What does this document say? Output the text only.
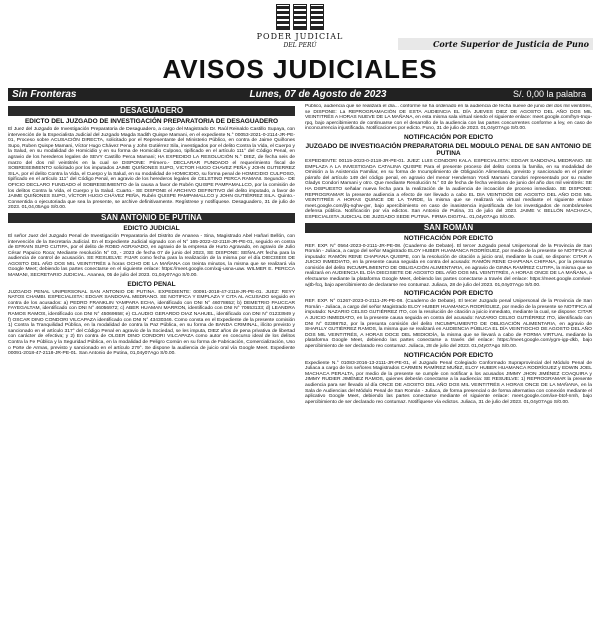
PODER JUDICIAL
DEL PERÚ	Corte Superior de Justicia de Puno
AVISOS JUDICIALES
Sin Fronteras	Lunes, 07 de Agosto de 2023	S/. 0,00 la palabra
DESAGUADERO
EDICTO DEL JUZGADO DE INVESTIGACIÓN PREPARATORIA DE DESAGUADERO
El Juez del Juzgado de Investigación Preparatoria de Desaguadero, a cargo del Magistrado Dr. Raúl Reinaldo Castillo Supaya, con intervención de la Especialista Judicial del Juzgado Magda Sadith Quispe Mamani, en el expediente N.° 00053-2021-0-2114-JR-PE-01, Proceso sobre ACUSACIÓN DIRECTA, solicitado por el Representante del Ministerio Público, en contra de Jaime Quiñones Supo, Ruben Quispe Mamani, Víctor Hugo Chávez Pena y John Gutiérrez Sila, investigados por el delito Contra la Vida, el Cuerpo y la Salud, en su modalidad de Homicidio y en su forma de Homicidio Culposo, tipificado en el artículo 111° del Código Penal, en agravio de los herederos legales de SEVY Castillo Perca Mamani; HA EXPEDIDO LA RESOLUCIÓN N.° DIEZ, de fecha seis de marzo del dos mil veintitrés en la cual se DISPONE: Primero.- DECLARAR FUNDADO el requerimiento fiscal de SOBRESEIMIENTO solicitado por los imputados JAIME QUIÑONES SUPO, VICTOR HUGO CHAVEZ PEÑA y JOHN GUTIERREZ SILA, por el delito Contra la Vida, el Cuerpo y la Salud, en su modalidad de HOMICIDIO, su forma penal de HOMICIDIO CULPOSO, tipificado en el artículo 111° del Código Penal, en agravio de los herederos legales de CELSTINO PERCA RAMANI. Segundo.- DE OFICIO DECLARO FUNDADO el SOBRESEIMIENTO de la causa a favor de Rubén QUISPE PAMPAMALLCO, por la comisión de los delitos Contra la Vida, el Cuerpo y la Salud. Cuarto.- SE DISPONE el ARCHIVO DEFINITIVO del delito imputado, a favor de JAIME QUIÑONES SUPO, VÍCTOR HUGO CHÁVEZ PEÑA, Rubén QUISPE PAMPAMALLCO y JOHN GUTIÉRREZ SILA. Quinto.- Consentida o ejecutoriada que sea la presente, se archive definitivamente. Regístrese y notifíquese. Desaguadero, 31 de julio de 2023. 01,04,05Ago S/0.00.
SAN ANTONIO DE PUTINA
EDICTO JUDICIAL
El señor Juez del Juzgado Penal de Investigación Preparatoria del Distrito de Ananea - Sina, Magistrado Abel Hañari Bellón, con intervención de la Secretaria Judicial. En el Expediente Judicial signado con el N° 165-2022-42-2118-JR-PE-01, seguido en contra de EFRAIN SUPO CUTIPA, por el delito de ROBO AGRAVADO, en agravio de la empresa de Hurto Agravado, en agravio de Julio César Papuico Roca; Mediante resolución N° 03, - 2023 de fecha 07 de junio del 2023, SE DISPONE: SEÑALAR fecha para la audiencia de control de acusación. SE RESUELVE: FIJAR como fecha para la realización de la misma por el día DIECISEIS DE AGOSTO DEL AÑO DOS MIL VEINTITRÉS a horas OCHO DE LA MAÑANA con treinta minutos, la misma que se realizará vía Google Meet; debiendo las partes conectarse en el siguiente enlace: https://meet.google.com/xqj-usna-uaw. WILMER E. PERCCA MAMANI, SECRETARIO JUDICIAL. Ananea, 05 de julio del 2023. 01,04y07Ago S/0.00.
EDICTO PENAL
JUZGADO PENAL UNIPERSONAL SAN ANTONIO DE PUTINA. EXPEDIENTE: 00091-2018-47-2118-JR-PE-01. JUEZ: REYY NATOS CHAMBI. ESPECIALISTA: EDGAR SANDOVAL MEDRANO. SE NOTIFICA Y EMPLAZA Y CITA AL ACUSADO seguido en contra de los acusados: a) PEDRO FRANKLIN YAMPARA ECHA, identificado con DNI N° 46078652; b) DEMETRIO PAUCCAR FAYEGALTAM, identificado con DNI N° 46056972; c) ABER HUAMAN MARRON, identificado con DNI N° 70653133; d) LEANDRA RAMOS RAMOS, identificado con DNI N° 45069658; e) CLAUDIO GERARDO DIAZ NAHUEL, identificado con DNI N° 01233949 y f) OSCAR DINO CONDORI VILCAPAZA identificado con DNI N° 43430346. Como consta en el Expediente de la presente comisión 1) Contra la Tranquilidad Pública, en la modalidad de contra la Paz Pública, en su forma de BANDA CRIMINAL, ilícito previsto y sancionado en el artículo 317° del Código Penal en agravio de la Sociedad, se les imputa, DIEZ años de pena privativa de libertad con carácter de efectiva; y 2) En contra de OLGER DINO CONDORI VILCAPAZA como autor en concurso ideal de los delitos Contra la Fe Pública y la Seguridad Pública, en la modalidad de Peligro Común en su forma de Fabricación, Comercialización, Uso o Porte de Armas, previsto y sancionado en el artículo 279°. Se dispone la audiencia de juicio oral vía Google Meet. Expediente 00091-2018-47-2118-JR-PE-01. San Antonio de Putina, 01,04y07Ago S/0.00.
Público, audiencia que se realizará el día... conforme se ha ordenado en la audiencia de fecha nueve de junio del dos mil veintitrés, se DISPONE: La REPROGRAMACIÓN DE ESTA AUDIENCIA EL DÍA JUEVES DIEZ DE AGOSTO DEL AÑO DOS MIL VEINTITRÉS A HORAS NUEVE DE LA MAÑANA, en esta misma sala virtual siendo el siguiente enlace: meet.google.com/hyn-tnqu-rpq, bajo apercibimiento de continuarse con el desarrollo de la audiencia con las partes concurrentes conforme a ley, en caso de inconcurrencia injustificada. Notificaciones por edicto. Puno, 31 de julio de 2023. 01,04y07Ago S/0.00.
NOTIFICACIÓN POR EDICTO
JUZGADO DE INVESTIGACIÓN PREPARATORIA DEL MODULO PENAL DE SAN ANTONIO DE PUTINA
EXPEDIENTE: 00115-2023-0-2118-JR-PE-01. JUEZ: LUIS CONDORI KALA. ESPECIALISTA: EDGAR SANDOVAL MEDRANO. SE EMPLAZA A LA INVESTIGADA CATALINA QUISPE Para el presente proceso del delito contra la familia, en su modalidad de Omisión a la Asistencia Familiar, en su forma de Incumplimiento de Obligación Alimentaria, previsto y sancionado en el primer párrafo del artículo 149 del código penal, en agravio del menor Henderson Yordi Mamani Condori representado por su madre Gladys Condori Mamani y otro. Que mediante Resolución N.° 03 de fecha de fecha veintiuno de junio del año dos mil veintitrés: SE HA DISPUESTO señalar nueva fecha para la realización de la audiencia de incoación de proceso inmediato. SE DISPONE: REPROGRAMAR la presente audiencia a efecto de ser llevado a cabo EL DIA VEINTIDÓS DE AGOSTO DEL AÑO DOS MIL VEINTITRÉS A HORAS QUINCE DE LA TARDE, la misma que se realizará vía virtual mediante el siguiente enlace meet.google.com/jfq-nqhw-gvr, bajo apercibimiento en caso de inasistencia injustificada de los investigados de nombrárseles defensa pública. Notificación por vía edictos. San Antonio de Putina, 31 de julio del 2023. JAIME V. BELLÓN MACHACA, ESPECIALISTA JUDICIAL DE JUZGADO SEDE PUTINA. FIRMA DIGITAL. 01,04y07Ago S/0.00.
SAN ROMÁN
NOTIFICACIÓN POR EDICTO
REF. EXP. N° 0564-2023-0-2111-JR-PE-08. (Cuaderno de Debate). El tercer Juzgado penal Unipersonal de la Provincia de San Román - Juliaca, a cargo del señor Magistrado ELOY HUBER HUAMANCA RODRÍGUEZ, por medio de la presente se NOTIFICA al imputado: RAMÓN RENE CHAPIANA QUISPE, con la resolución de citación a juicio oral, mediante la cual, se dispone: CITAR A JUICIO INMEDIATO, en la presente causa seguida en contra del acusado: RAMÓN RENE CHAPIANA CHIPANA, por la presunta comisión del delito INCUMPLIMIENTO DE OBLIGACIÓN ALIMENTARIA, en agravio de GINNA RAMÍREZ CUTIPA, la misma que se realizará en AUDIENCIA EL DÍA DIECISIETE DE AGOSTO DEL AÑO DOS MIL VEINTITRÉS, A HORAS ONCE DE LA MAÑANA, a efectuarse mediante la plataforma Google Meet, debiendo las partes conectarse a través del enlace: https://meet.google.com/wvi-wjtb-fcq, bajo apercibimiento de declararse reo contumaz. Juliaca, 28 de julio del 2023. 01,04y07Ago S/0.00.
NOTIFICACIÓN POR EDICTO
REF. EXP. N° 01267-2023-0-2111-JR-PE-08. (Cuaderno de Debate). El tercer Juzgado penal Unipersonal de la Provincia de San Román - Juliaca, a cargo del señor Magistrado ELOY HUBER HUAMANCA RODRÍGUEZ, por medio de la presente se NOTIFICA al imputado: NAZARIO CELSO GUTIÉRREZ ITO, con la resolución de citación a juicio inmediato, mediante la cual, se dispone: CITAR A JUICIO INMEDIATO, en la presente causa seguida en contra del acusado: NAZARIO CELSO GUTIÉRREZ ITO, identificado con DNI N° 02398752, por la presunta comisión del delito INCUMPLIMIENTO DE OBLIGACIÓN ALIMENTARIA, en agravio de SHARLLY GUTIÉRREZ RAMOS, la misma que se realizará en AUDIENCIA PÚBLICA EL DÍA VEINTIOCHO DE AGOSTO DEL AÑO DOS MIL VEINTITRÉS, A HORAS DOCE DEL MEDIODÍA, la misma que se llevará a cabo de FORMA VIRTUAL mediante la plataforma Google Meet, debiendo las partes conectarse a través del enlace: https://meet.google.com/ygm-igp-dkb, bajo apercibimiento de ser declarado reo contumaz. Juliaca, 28 de julio del 2023. 01,04y07Ago S/0.00.
NOTIFICACIÓN POR EDICTO
Expediente N.° 01083-2016-13-2111-JR-PE-01, el Juzgado Penal Colegiado Conformado Supraprovincial del Módulo Penal de Juliaca a cargo de los señores Magistrados CARMEN RAMÍREZ MUÑIZ, ELOY HUBER HUAMANCA RODRÍGUEZ y EDWIN JOEL MACHACA PERALTA, por medio de la presente se cumple con notificar a los acusados JIMMY JHON JIMÉNEZ COAQUIRA y JIMMY RUDIER JIMÉNEZ RAMOS, quienes deberán conectarse a la audiencia: SE RESUELVE: 1) REPROGRAMAR la presente audiencia para ser llevado al día ONCE DE AGOSTO DEL AÑO DOS MIL VEINTITRÉS A HORAS ONCE DE LA MAÑANA, en la Sala de Audiencias del Módulo Penal de San Román - Juliaca, de forma presencial o de forma alternativa con conexión mediante el aplicativo Google Meet, debiendo las partes conectarse mediante el siguiente enlace: meet.google.com/ixe-btof-nmh, bajo apercibimiento de ser declarado reo contumaz. Notifíquese vía edictos. Juliaca, 31 de julio del 2023. 01,04y07Ago S/0.00.
